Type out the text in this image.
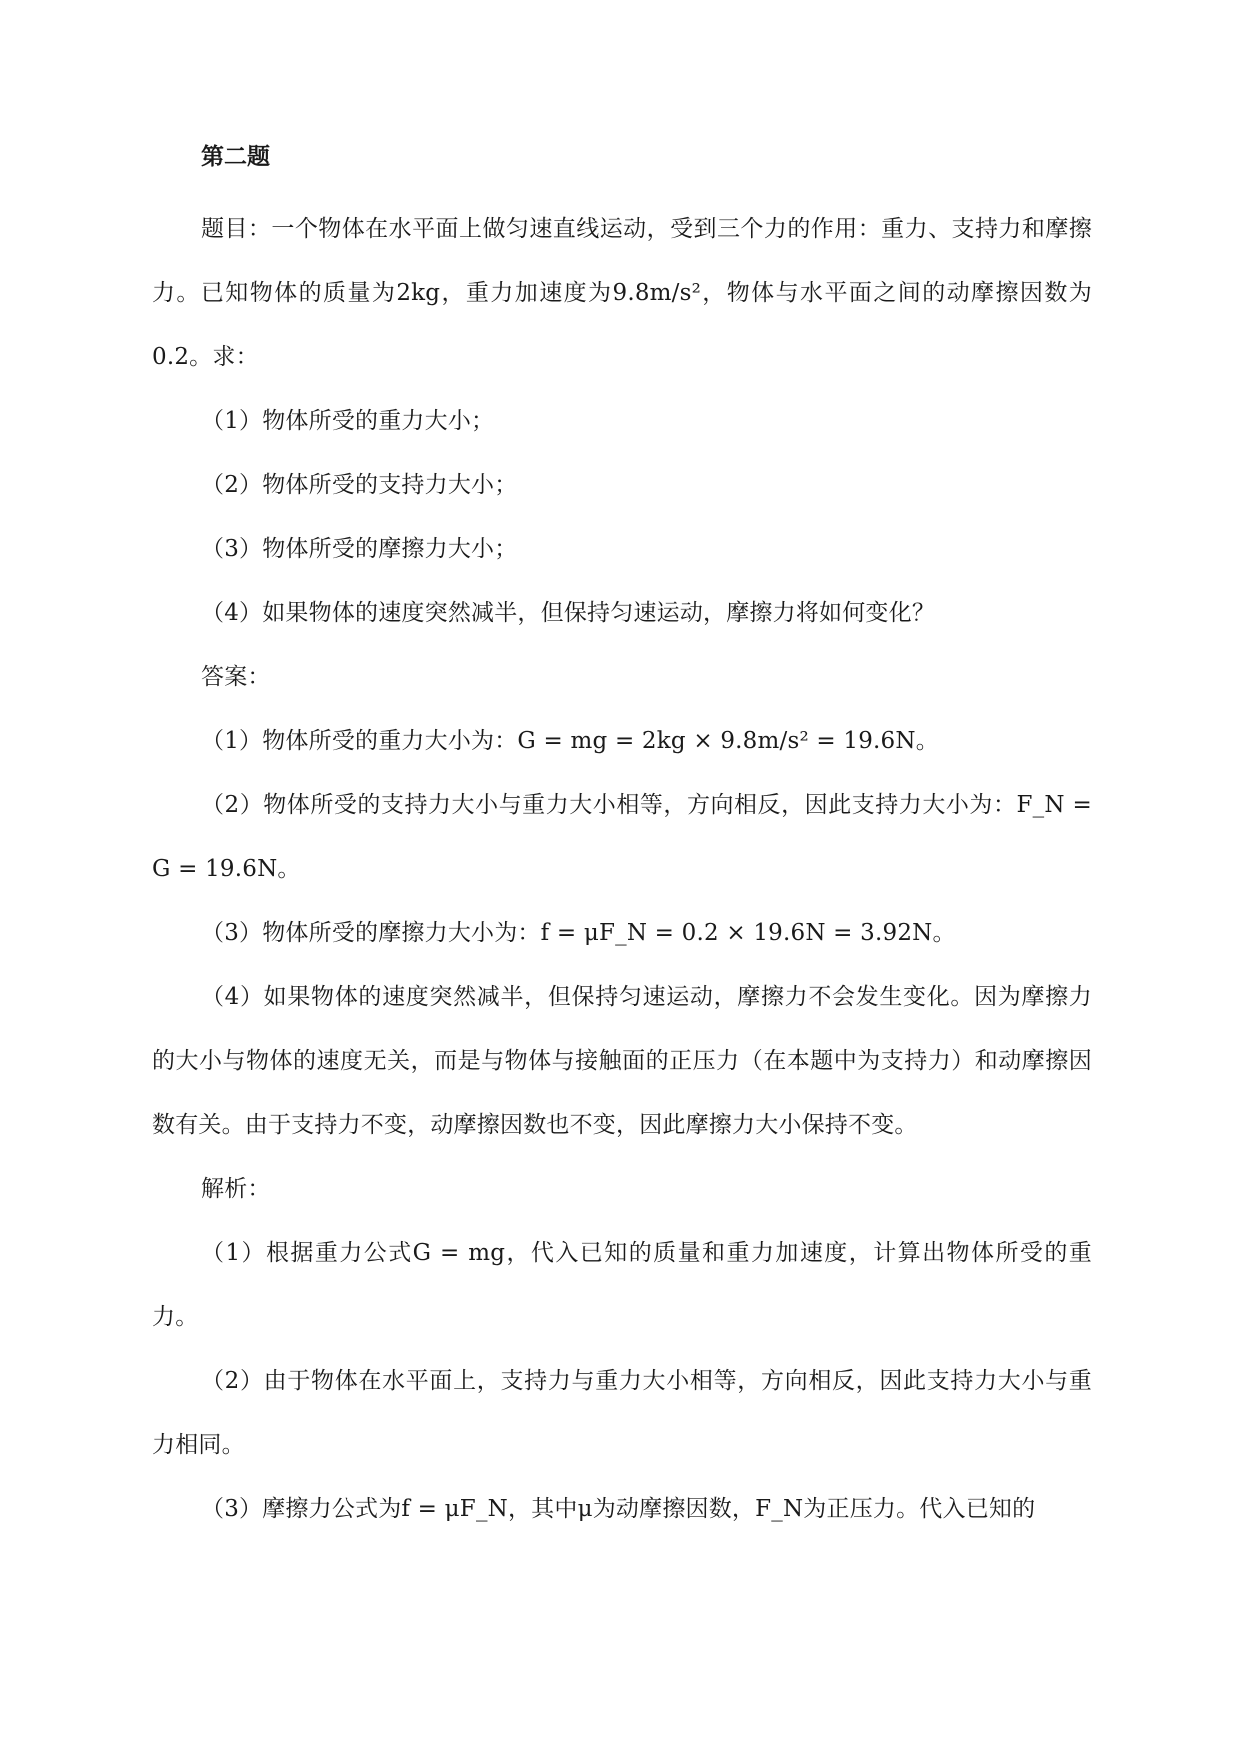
第二题

题目：一个物体在水平面上做匀速直线运动，受到三个力的作用：重力、支持力和摩擦力。已知物体的质量为2kg，重力加速度为9.8m/s²，物体与水平面之间的动摩擦因数为0.2。求：

（1）物体所受的重力大小；

（2）物体所受的支持力大小；

（3）物体所受的摩擦力大小；

（4）如果物体的速度突然减半，但保持匀速运动，摩擦力将如何变化？

答案：

（1）物体所受的重力大小为：G = mg = 2kg × 9.8m/s² = 19.6N。

（2）物体所受的支持力大小与重力大小相等，方向相反，因此支持力大小为：F_N = G = 19.6N。

（3）物体所受的摩擦力大小为：f = μF_N = 0.2 × 19.6N = 3.92N。

（4）如果物体的速度突然减半，但保持匀速运动，摩擦力不会发生变化。因为摩擦力的大小与物体的速度无关，而是与物体与接触面的正压力（在本题中为支持力）和动摩擦因数有关。由于支持力不变，动摩擦因数也不变，因此摩擦力大小保持不变。

解析：

（1）根据重力公式G = mg，代入已知的质量和重力加速度，计算出物体所受的重力。

（2）由于物体在水平面上，支持力与重力大小相等，方向相反，因此支持力大小与重力相同。

（3）摩擦力公式为f = μF_N，其中μ为动摩擦因数，F_N为正压力。代入已知的
